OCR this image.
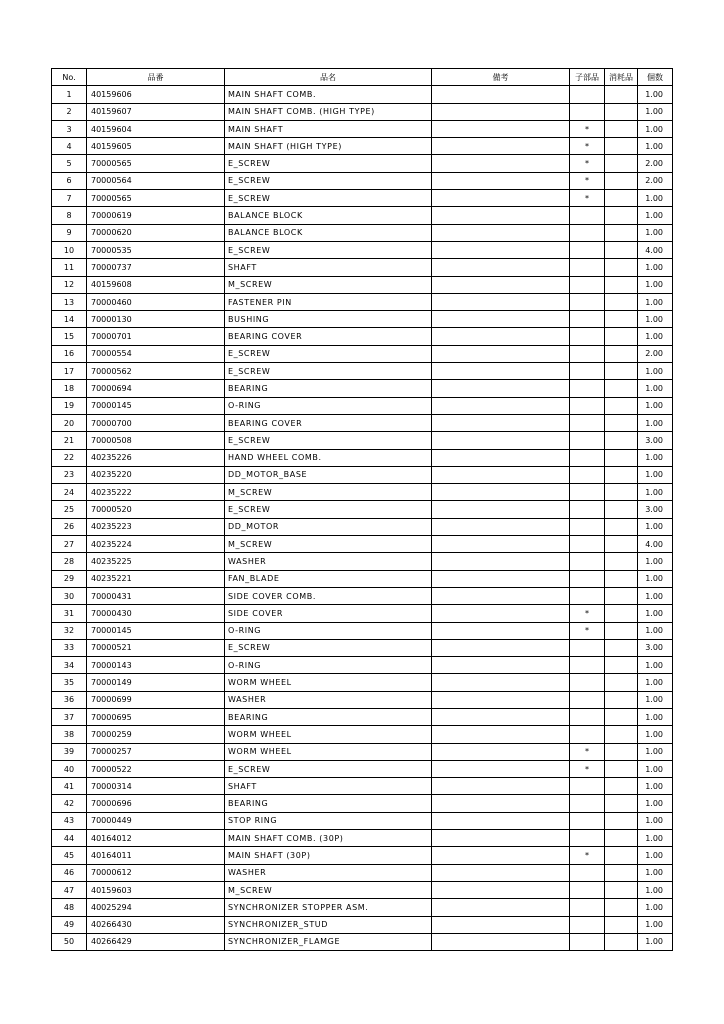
No.	品番	品名	備考	子部品	消耗品	個数
1	40159606	MAIN SHAFT COMB.				1.00
2	40159607	MAIN SHAFT COMB. (HIGH TYPE)				1.00
3	40159604	MAIN SHAFT		*		1.00
4	40159605	MAIN SHAFT (HIGH TYPE)		*		1.00
5	70000565	E_SCREW		*		2.00
6	70000564	E_SCREW		*		2.00
7	70000565	E_SCREW		*		1.00
8	70000619	BALANCE BLOCK				1.00
9	70000620	BALANCE BLOCK				1.00
10	70000535	E_SCREW				4.00
11	70000737	SHAFT				1.00
12	40159608	M_SCREW				1.00
13	70000460	FASTENER PIN				1.00
14	70000130	BUSHING				1.00
15	70000701	BEARING COVER				1.00
16	70000554	E_SCREW				2.00
17	70000562	E_SCREW				1.00
18	70000694	BEARING				1.00
19	70000145	O-RING				1.00
20	70000700	BEARING COVER				1.00
21	70000508	E_SCREW				3.00
22	40235226	HAND WHEEL COMB.				1.00
23	40235220	DD_MOTOR_BASE				1.00
24	40235222	M_SCREW				1.00
25	70000520	E_SCREW				3.00
26	40235223	DD_MOTOR				1.00
27	40235224	M_SCREW				4.00
28	40235225	WASHER				1.00
29	40235221	FAN_BLADE				1.00
30	70000431	SIDE COVER COMB.				1.00
31	70000430	SIDE COVER		*		1.00
32	70000145	O-RING		*		1.00
33	70000521	E_SCREW				3.00
34	70000143	O-RING				1.00
35	70000149	WORM WHEEL				1.00
36	70000699	WASHER				1.00
37	70000695	BEARING				1.00
38	70000259	WORM WHEEL				1.00
39	70000257	WORM WHEEL		*		1.00
40	70000522	E_SCREW		*		1.00
41	70000314	SHAFT				1.00
42	70000696	BEARING				1.00
43	70000449	STOP RING				1.00
44	40164012	MAIN SHAFT COMB. (30P)				1.00
45	40164011	MAIN SHAFT (30P)		*		1.00
46	70000612	WASHER				1.00
47	40159603	M_SCREW				1.00
48	40025294	SYNCHRONIZER STOPPER ASM.				1.00
49	40266430	SYNCHRONIZER_STUD				1.00
50	40266429	SYNCHRONIZER_FLAMGE				1.00
